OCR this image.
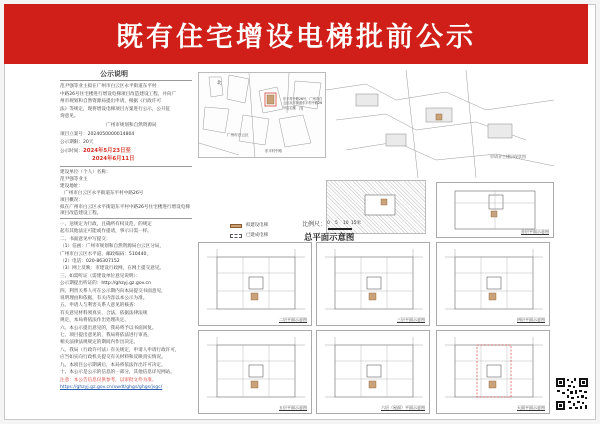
既有住宅增设电梯批前公示
公示说明
范尹强等业主拟在广州市白云区永平街道东平村
中路26号住宅楼进行增设电梯项目改造建设工程，并向广
州市规划和自然资源局提出申请，根据《行政许可
法》等规定，现将增设电梯项目方案进行公示，公开征
询意见。
广州市规划和自然资源局
项目立案号：2024050000014804
公示期限：20天
公示时间：2024年5月23日至
2024年6月11日
建设单位（个人）名称：
范尹强等业主
建设地址：
广州市白云区永平街道东平村中路26号
项目概况：
拟在广州市白云区永平街道东平村中路26号住宅楼进行增设电梯
项目改造建设工程。
一、送规定为行政，且确所有权及范，的规定
起有其他法定可能或作提请，事示日需一样。
二、书面意见中写提交：
（1）信函：广州市规划和自然资源局白云区分局，
广州市白云区水平道，邮政编码：510440，
（2）电话：020-86307152
（3）网上反映：市建设行政网，在网上提交意见。
三、如需听证（需建设单位意见说明）：
公示期提出听证的：http://ghzyj.gz.gov.cn
四、利害关系人可在公示期内向本局提交书面意见，
说明理由和依据，有关内容以本公示为准。
五、申请人与利害关系人意见的核查：
有关意见材料须真实、合法，依据法律法规
规定，本局将依法作出处理决定。
六、本公示提出意见的，我局将予以书面回复。
七、项目提出意见的，我局将依法进行审查，
相关法律法规规定的期间内作出决定。
八、我局（行政许可法）有关规定，申请人申请行政许可，
应当如实向行政机关提交有关材料和反映真实情况。
九、本项目公示期满后，本局将依法作出许可决定。
十、本公示是公示的信息的一部分，其他信息详见网站。
注意：本公告信息仅供参考，以审批文件为准。
https://ghzyj.gz.gov.cn/xwdt/ghgs/ghgs/jsgc/
北
川
东平村中路26号，广州市白云区永平街道东平村中路26号住宅楼
广州市白云区
东平村中路
申请业主楼层现状图
拟建设电梯
已建成电梯
比例尺： 0 5 10 15米
总平面示意图
首层平面示意图
二层平面示意图	三层平面示意图	四层平面示意图
五层平面示意图	六层（屋面）平面示意图	天面平面示意图
